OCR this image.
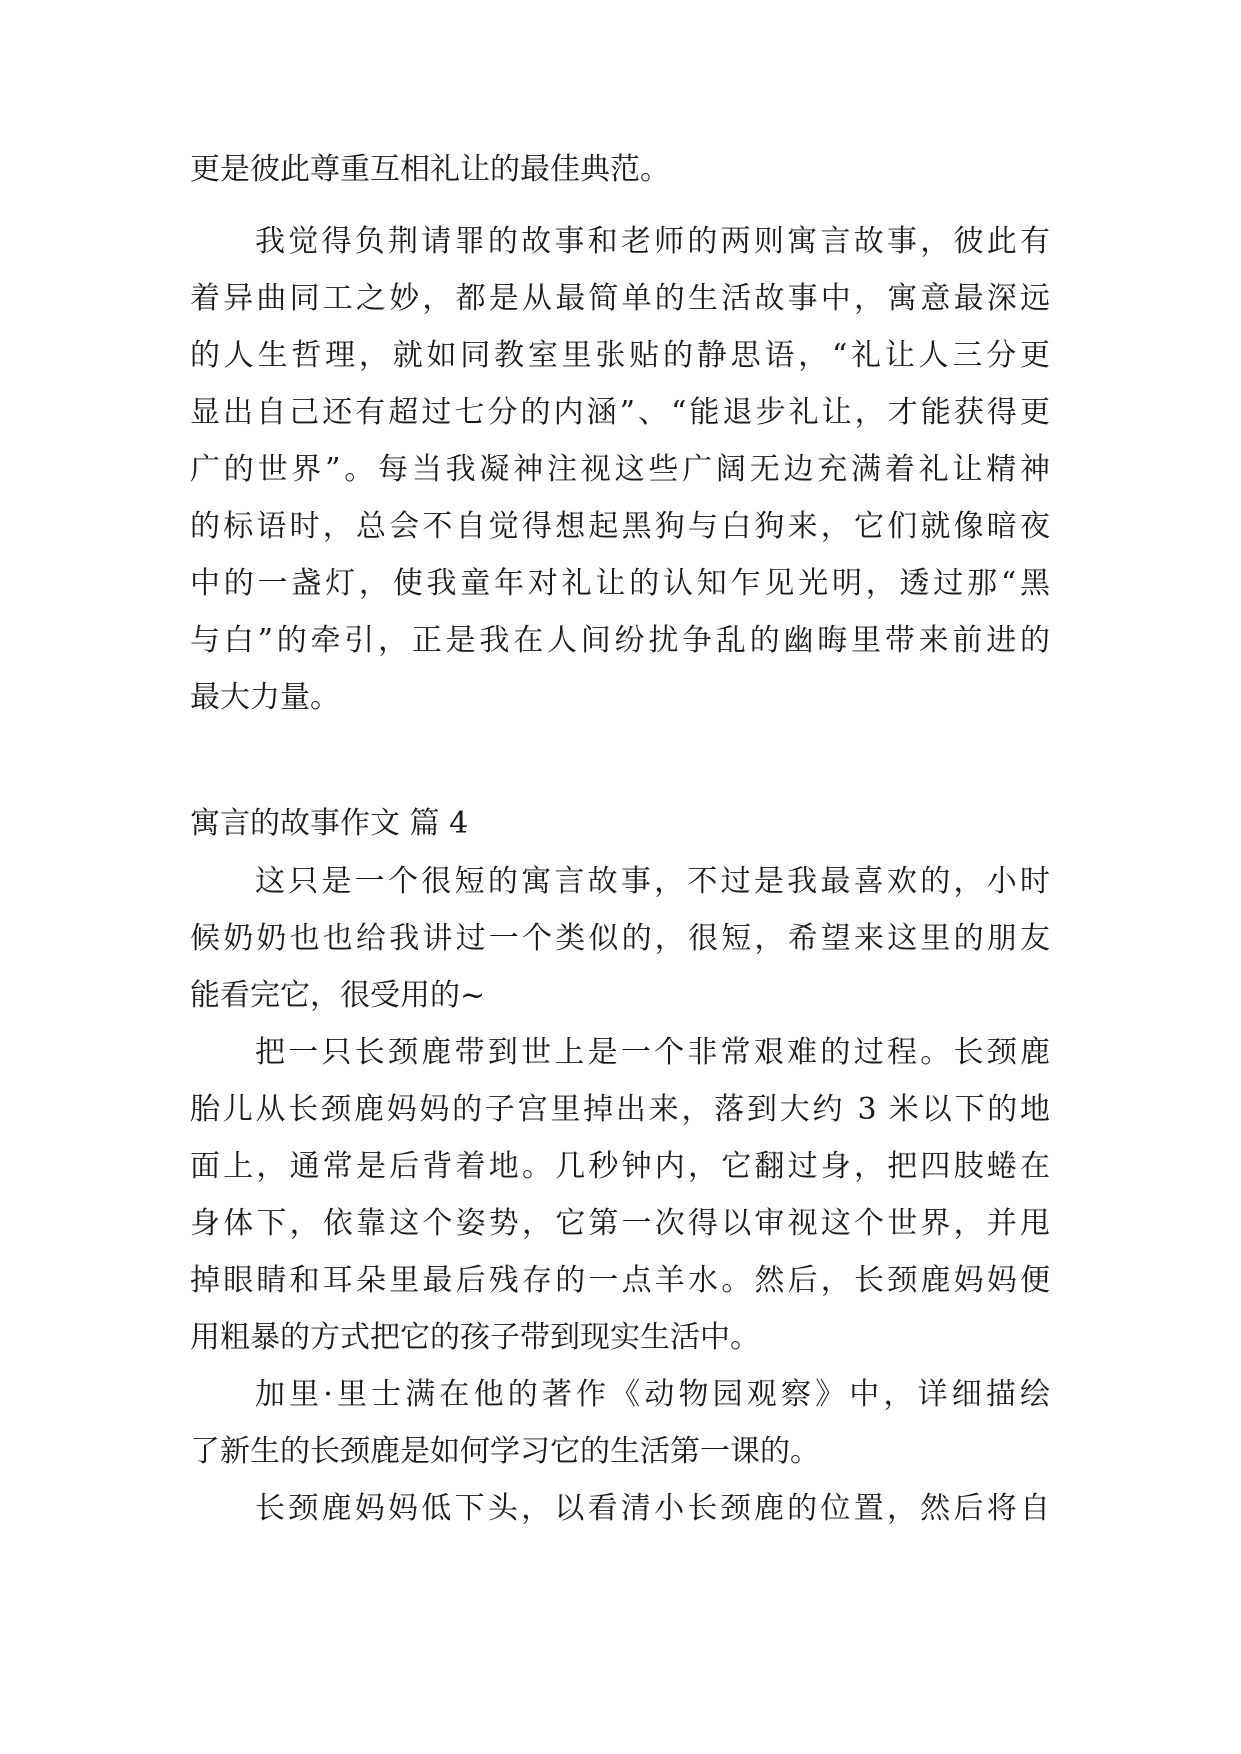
更是彼此尊重互相礼让的最佳典范。
我觉得负荆请罪的故事和老师的两则寓言故事，彼此有
着异曲同工之妙，都是从最简单的生活故事中，寓意最深远
的人生哲理，就如同教室里张贴的静思语，“礼让人三分更
显出自己还有超过七分的内涵”、“能退步礼让，才能获得更
广的世界”。每当我凝神注视这些广阔无边充满着礼让精神
的标语时，总会不自觉得想起黑狗与白狗来，它们就像暗夜
中的一盏灯，使我童年对礼让的认知乍见光明，透过那“黑
与白”的牵引，正是我在人间纷扰争乱的幽晦里带来前进的
最大力量。
寓言的故事作文 篇 4
这只是一个很短的寓言故事，不过是我最喜欢的，小时
候奶奶也也给我讲过一个类似的，很短，希望来这里的朋友
能看完它，很受用的~
把一只长颈鹿带到世上是一个非常艰难的过程。长颈鹿
胎儿从长颈鹿妈妈的子宫里掉出来，落到大约 3 米以下的地
面上，通常是后背着地。几秒钟内，它翻过身，把四肢蜷在
身体下，依靠这个姿势，它第一次得以审视这个世界，并甩
掉眼睛和耳朵里最后残存的一点羊水。然后，长颈鹿妈妈便
用粗暴的方式把它的孩子带到现实生活中。
加里·里士满在他的著作《动物园观察》中，详细描绘
了新生的长颈鹿是如何学习它的生活第一课的。
长颈鹿妈妈低下头，以看清小长颈鹿的位置，然后将自
